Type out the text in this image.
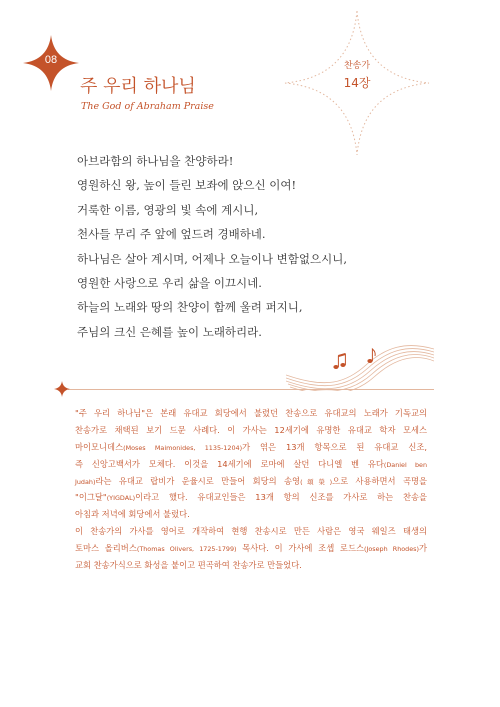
08	찬송가
14장
주 우리 하나님
The God of Abraham Praise
아브라함의 하나님을 찬양하라!
영원하신 왕, 높이 들린 보좌에 앉으신 이여!
거룩한 이름, 영광의 빛 속에 계시니,
천사들 무리 주 앞에 엎드려 경배하네.
하나님은 살아 계시며, 어제나 오늘이나 변함없으시니,
영원한 사랑으로 우리 삶을 이끄시네.
하늘의 노래와 땅의 찬양이 함께 울려 퍼지니,
주님의 크신 은혜를 높이 노래하리라.
"주 우리 하나님"은 본래 유대교 회당에서 불렸던 찬송으로 유대교의 노래가 기독교의
찬송가로 채택된 보기 드문 사례다. 이 가사는 12세기에 유명한 유대교 학자 모세스
마이모니데스(Moses Maimonides, 1135-1204)가 엮은 13개 항목으로 된 유대교 신조,
즉 신앙고백서가 모체다. 이것을 14세기에 로마에 살던 다니엘 벤 유다(Daniel ben
Judah)라는 유대교 랍비가 운율시로 만들어 회당의 송영(頌榮)으로 사용하면서 곡명을
"이그달"(YIGDAL)이라고 했다. 유대교인들은 13개 항의 신조를 가사로 하는 찬송을
아침과 저녁에 회당에서 불렀다.
이 찬송가의 가사를 영어로 개작하여 현행 찬송시로 만든 사람은 영국 웨일즈 태생의
토마스 올리버스(Thomas Olivers, 1725-1799) 목사다. 이 가사에 조셉 로드스(Joseph Rhodes)가
교회 찬송가식으로 화성을 붙이고 편곡하여 찬송가로 만들었다.
